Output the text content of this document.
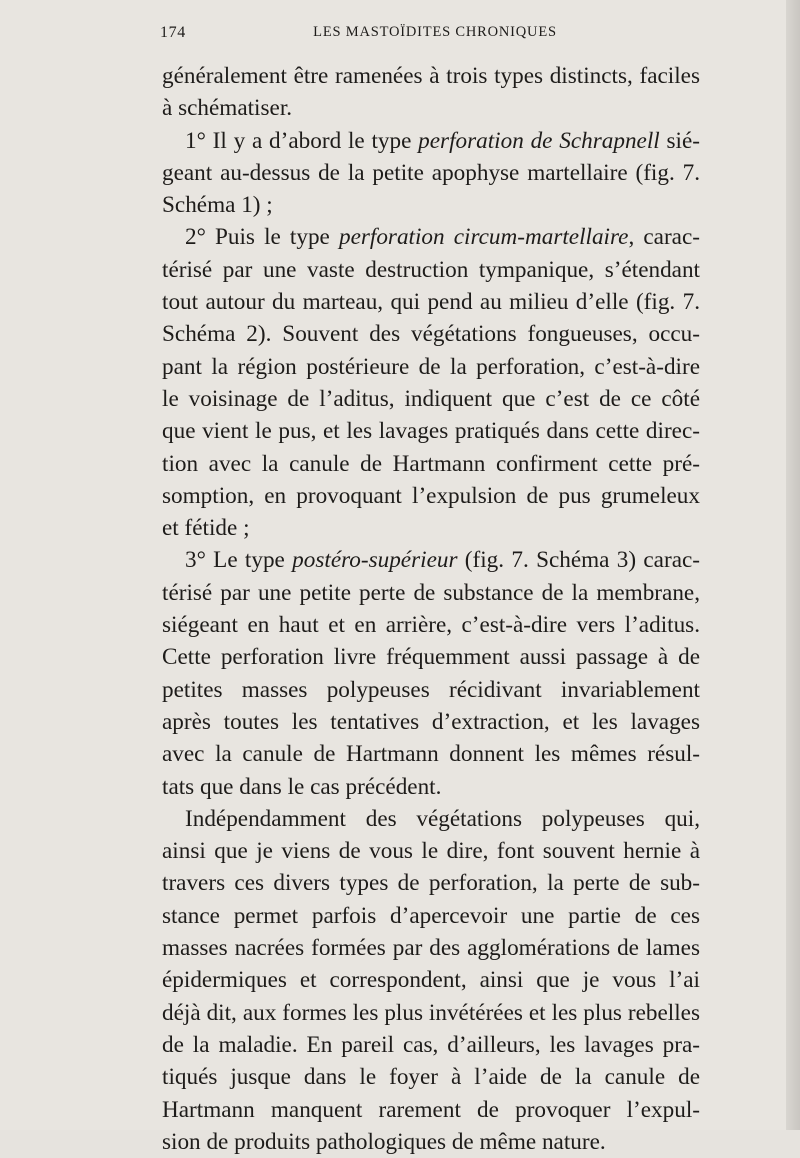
174	LES MASTOÏDITES CHRONIQUES
généralement être ramenées à trois types distincts, faciles
à schématiser.
1° Il y a d’abord le type perforation de Schrapnell sié-
geant au-dessus de la petite apophyse martellaire (fig. 7.
Schéma 1) ;
2° Puis le type perforation circum-martellaire, carac-
térisé par une vaste destruction tympanique, s’étendant
tout autour du marteau, qui pend au milieu d’elle (fig. 7.
Schéma 2). Souvent des végétations fongueuses, occu-
pant la région postérieure de la perforation, c’est-à-dire
le voisinage de l’aditus, indiquent que c’est de ce côté
que vient le pus, et les lavages pratiqués dans cette direc-
tion avec la canule de Hartmann confirment cette pré-
somption, en provoquant l’expulsion de pus grumeleux
et fétide ;
3° Le type postéro-supérieur (fig. 7. Schéma 3) carac-
térisé par une petite perte de substance de la membrane,
siégeant en haut et en arrière, c’est-à-dire vers l’aditus.
Cette perforation livre fréquemment aussi passage à de
petites masses polypeuses récidivant invariablement
après toutes les tentatives d’extraction, et les lavages
avec la canule de Hartmann donnent les mêmes résul-
tats que dans le cas précédent.
Indépendamment des végétations polypeuses qui,
ainsi que je viens de vous le dire, font souvent hernie à
travers ces divers types de perforation, la perte de sub-
stance permet parfois d’apercevoir une partie de ces
masses nacrées formées par des agglomérations de lames
épidermiques et correspondent, ainsi que je vous l’ai
déjà dit, aux formes les plus invétérées et les plus rebelles
de la maladie. En pareil cas, d’ailleurs, les lavages pra-
tiqués jusque dans le foyer à l’aide de la canule de
Hartmann manquent rarement de provoquer l’expul-
sion de produits pathologiques de même nature.
